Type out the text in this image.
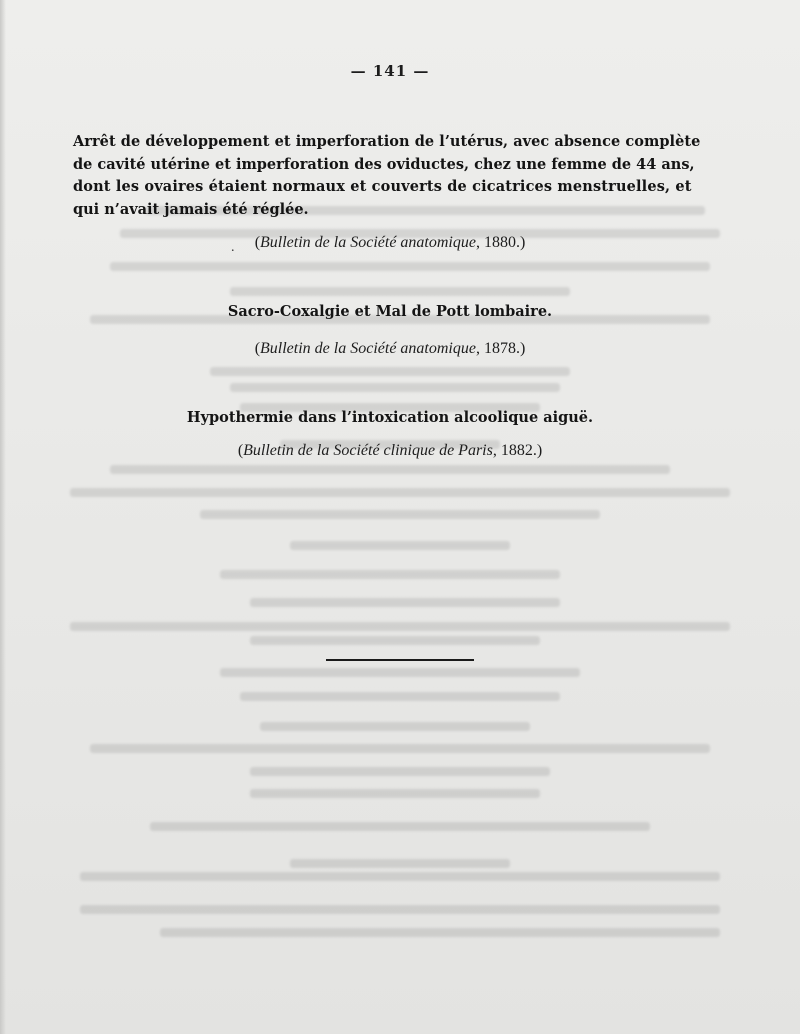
— 141 —
Arrêt de développement et imperforation de l’utérus, avec absence complète
de cavité utérine et imperforation des oviductes, chez une femme de 44 ans,
dont les ovaires étaient normaux et couverts de cicatrices menstruelles, et
qui n’avait jamais été réglée.
.	(Bulletin de la Société anatomique, 1880.)
Sacro-Coxalgie et Mal de Pott lombaire.
(Bulletin de la Société anatomique, 1878.)
Hypothermie dans l’intoxication alcoolique aiguë.
(Bulletin de la Société clinique de Paris, 1882.)
